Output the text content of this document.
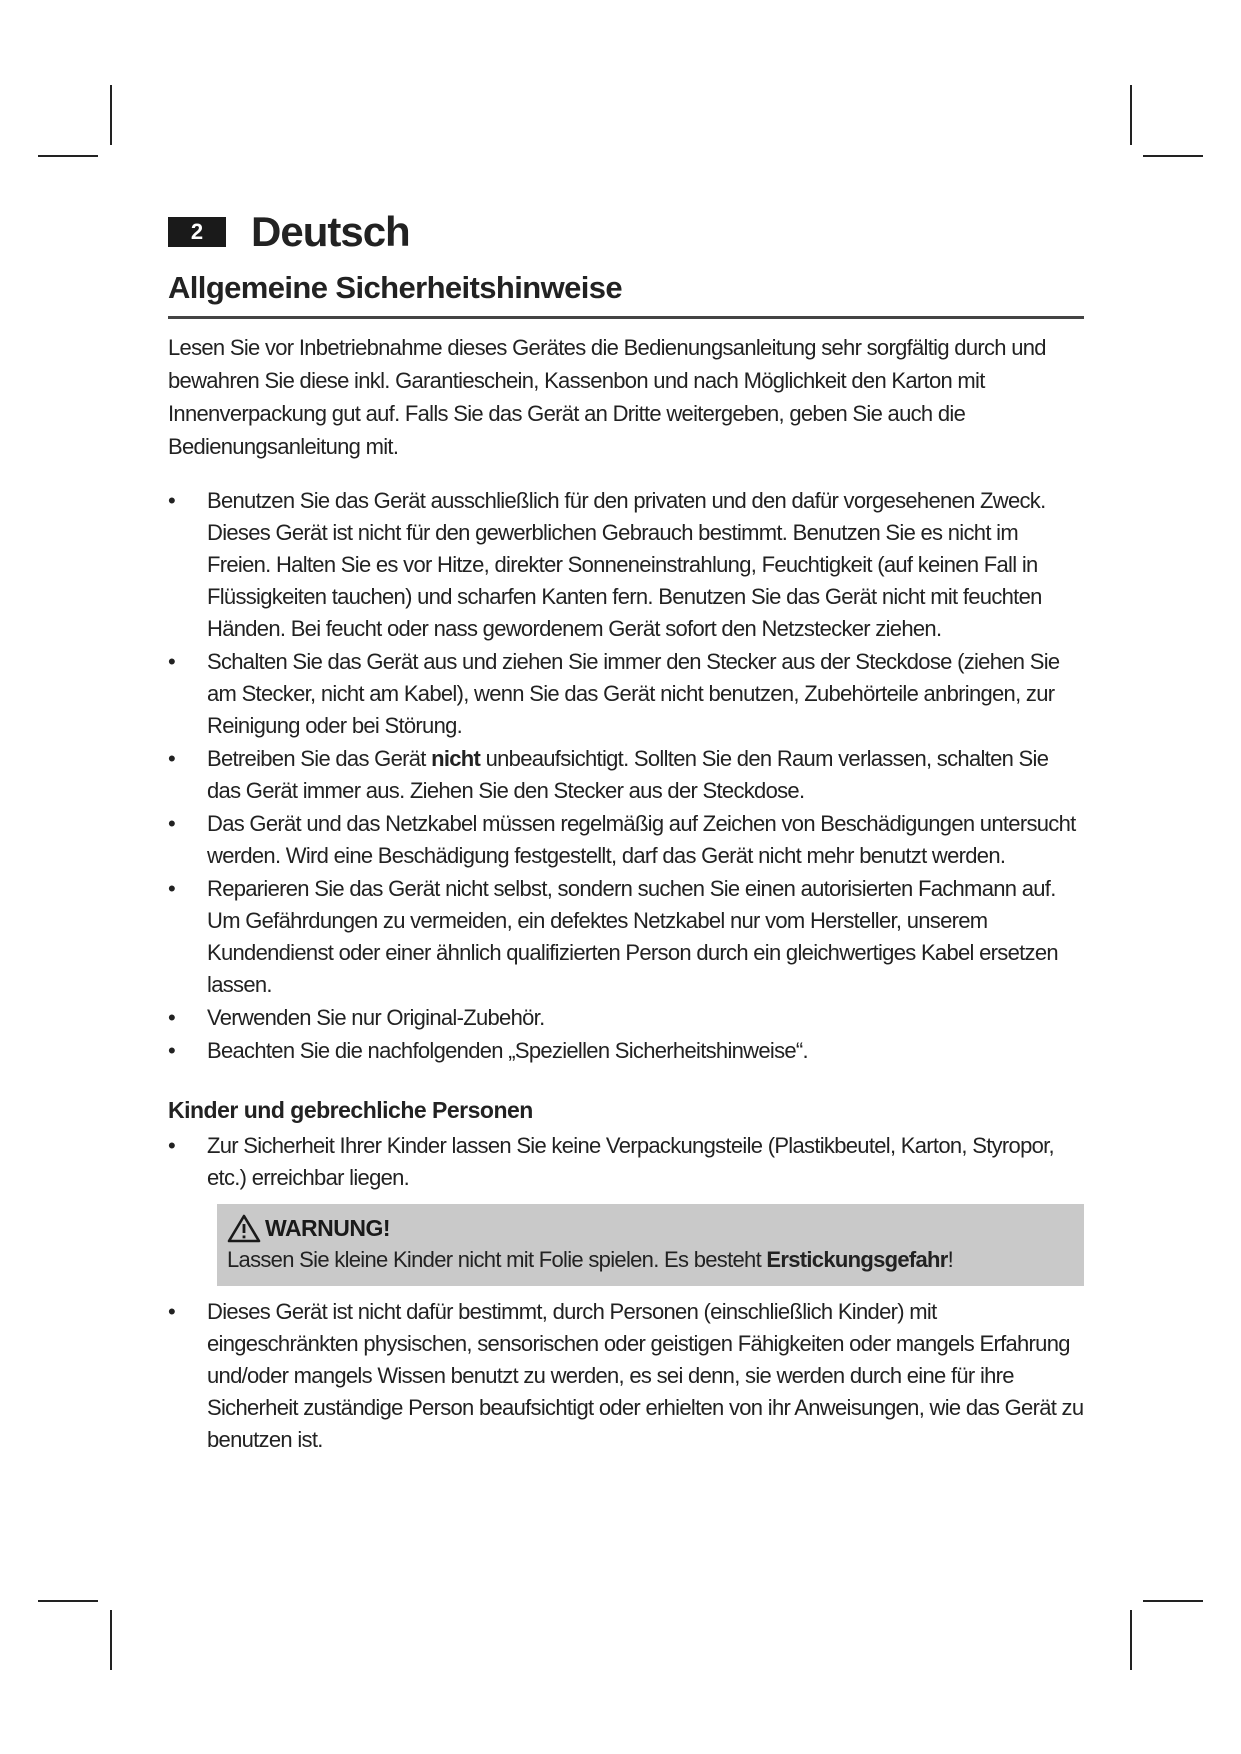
2	Deutsch
Allgemeine Sicherheitshinweise

Lesen Sie vor Inbetriebnahme dieses Gerätes die Bedienungsanleitung sehr sorgfältig durch und bewahren Sie diese inkl. Garantieschein, Kassenbon und nach Möglichkeit den Karton mit Innenverpackung gut auf. Falls Sie das Gerät an Dritte weitergeben, geben Sie auch die Bedienungsanleitung mit.

•	Benutzen Sie das Gerät ausschließlich für den privaten und den dafür vorgesehenen Zweck. Dieses Gerät ist nicht für den gewerblichen Gebrauch bestimmt. Benutzen Sie es nicht im Freien. Halten Sie es vor Hitze, direkter Sonneneinstrahlung, Feuchtigkeit (auf keinen Fall in Flüssigkeiten tauchen) und scharfen Kanten fern. Benutzen Sie das Gerät nicht mit feuchten Händen. Bei feucht oder nass gewordenem Gerät sofort den Netzstecker ziehen.
•	Schalten Sie das Gerät aus und ziehen Sie immer den Stecker aus der Steckdose (ziehen Sie am Stecker, nicht am Kabel), wenn Sie das Gerät nicht benutzen, Zubehörteile anbringen, zur Reinigung oder bei Störung.
•	Betreiben Sie das Gerät nicht unbeaufsichtigt. Sollten Sie den Raum verlassen, schalten Sie das Gerät immer aus. Ziehen Sie den Stecker aus der Steckdose.
•	Das Gerät und das Netzkabel müssen regelmäßig auf Zeichen von Beschädigungen untersucht werden. Wird eine Beschädigung festgestellt, darf das Gerät nicht mehr benutzt werden.
•	Reparieren Sie das Gerät nicht selbst, sondern suchen Sie einen autorisierten Fachmann auf. Um Gefährdungen zu vermeiden, ein defektes Netzkabel nur vom Hersteller, unserem Kundendienst oder einer ähnlich qualifizierten Person durch ein gleichwertiges Kabel ersetzen lassen.
•	Verwenden Sie nur Original-Zubehör.
•	Beachten Sie die nachfolgenden „Speziellen Sicherheitshinweise“.
Kinder und gebrechliche Personen
•	Zur Sicherheit Ihrer Kinder lassen Sie keine Verpackungsteile (Plastikbeutel, Karton, Styropor, etc.) erreichbar liegen.
WARNUNG!
Lassen Sie kleine Kinder nicht mit Folie spielen. Es besteht Erstickungsgefahr!
•	Dieses Gerät ist nicht dafür bestimmt, durch Personen (einschließlich Kinder) mit eingeschränkten physischen, sensorischen oder geistigen Fähigkeiten oder mangels Erfahrung und/oder mangels Wissen benutzt zu werden, es sei denn, sie werden durch eine für ihre Sicherheit zuständige Person beaufsichtigt oder erhielten von ihr Anweisungen, wie das Gerät zu benutzen ist.
